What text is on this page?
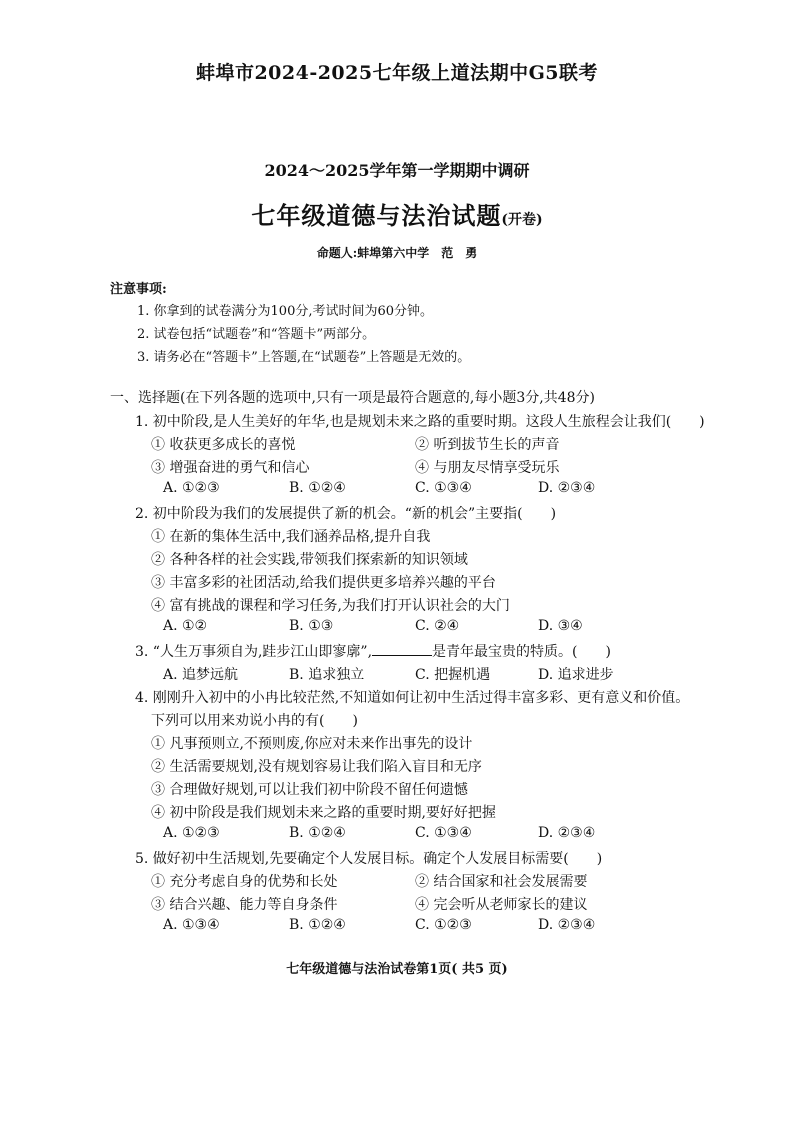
蚌埠市2024-2025七年级上道法期中G5联考
2024～2025学年第一学期期中调研
七年级道德与法治试题(开卷)
命题人:蚌埠第六中学　范　勇
注意事项:
1. 你拿到的试卷满分为100分,考试时间为60分钟。
2. 试卷包括“试题卷”和“答题卡”两部分。
3. 请务必在“答题卡”上答题,在“试题卷”上答题是无效的。
一、选择题(在下列各题的选项中,只有一项是最符合题意的,每小题3分,共48分)
1. 初中阶段,是人生美好的年华,也是规划未来之路的重要时期。这段人生旅程会让我们( )
① 收获更多成长的喜悦	② 听到拔节生长的声音
③ 增强奋进的勇气和信心	④ 与朋友尽情享受玩乐
A. ①②③	B. ①②④	C. ①③④	D. ②③④
2. 初中阶段为我们的发展提供了新的机会。“新的机会”主要指( )
① 在新的集体生活中,我们涵养品格,提升自我
② 各种各样的社会实践,带领我们探索新的知识领域
③ 丰富多彩的社团活动,给我们提供更多培养兴趣的平台
④ 富有挑战的课程和学习任务,为我们打开认识社会的大门
A. ①②	B. ①③	C. ②④	D. ③④
3. “人生万事须自为,跬步江山即寥廓”,	是青年最宝贵的特质。( )
A. 追梦远航	B. 追求独立	C. 把握机遇	D. 追求进步
4. 刚刚升入初中的小冉比较茫然,不知道如何让初中生活过得丰富多彩、更有意义和价值。
下列可以用来劝说小冉的有( )
① 凡事预则立,不预则废,你应对未来作出事先的设计
② 生活需要规划,没有规划容易让我们陷入盲目和无序
③ 合理做好规划,可以让我们初中阶段不留任何遗憾
④ 初中阶段是我们规划未来之路的重要时期,要好好把握
A. ①②③	B. ①②④	C. ①③④	D. ②③④
5. 做好初中生活规划,先要确定个人发展目标。确定个人发展目标需要( )
① 充分考虑自身的优势和长处	② 结合国家和社会发展需要
③ 结合兴趣、能力等自身条件	④ 完会听从老师家长的建议
A. ①③④	B. ①②④	C. ①②③	D. ②③④
七年级道德与法治试卷第1页( 共5 页)
